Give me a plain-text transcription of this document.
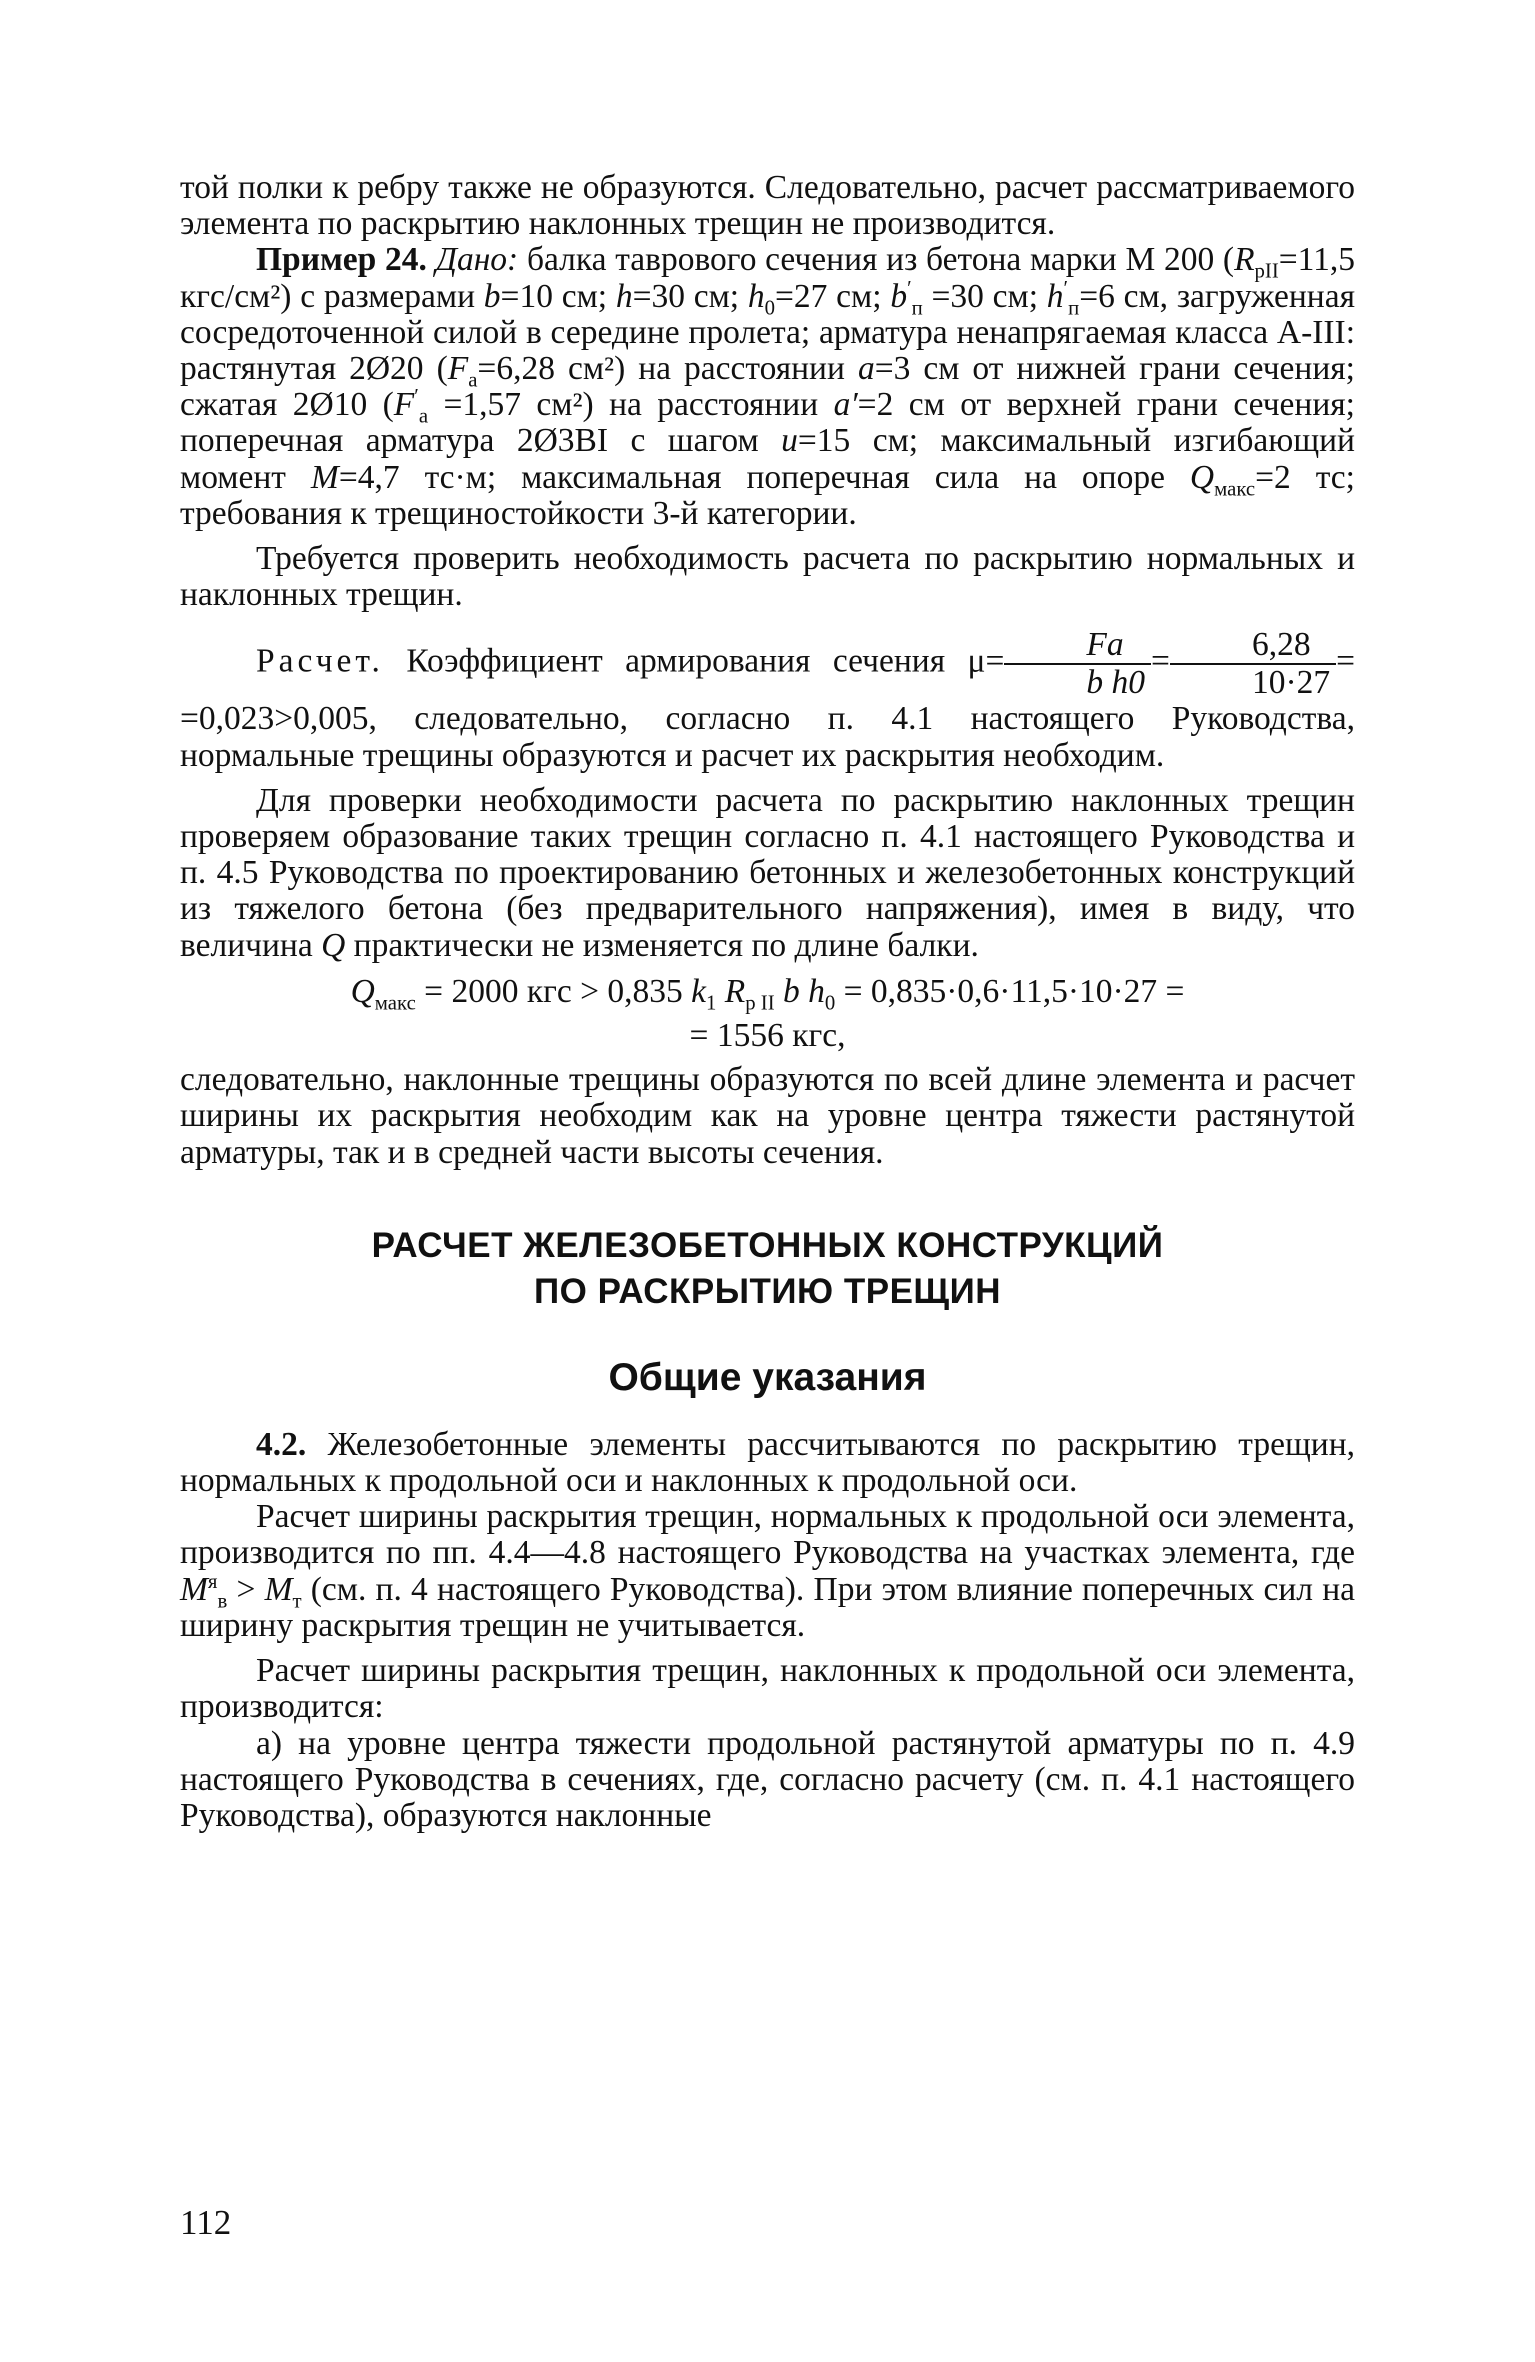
той полки к ребру также не образуются. Следовательно, расчет рассматриваемого элемента по раскрытию наклонных трещин не производится.

Пример 24. Дано: балка таврового сечения из бетона марки М 200 ($R_{рII}=11,5$ кгс/см²) с размерами b=10 см; h=30 см; $h_0=27$ см; $b'_п =30$ см; $h'_п=6$ см, загруженная сосредоточенной силой в середине пролета; арматура ненапрягаемая класса А-III: растянутая 2Ø20 ($F_а=6,28$ см²) на расстоянии a=3 см от нижней грани сечения; сжатая 2Ø10 ($F'_а =1,57$ см²) на расстоянии a′=2 см от верхней грани сечения; поперечная арматура 2Ø3ВI с шагом u=15 см; максимальный изгибающий момент M=4,7 тс·м; максимальная поперечная сила на опоре $Q_{макс}=2$ тс; требования к трещиностойкости 3-й категории.

Требуется проверить необходимость расчета по раскрытию нормальных и наклонных трещин.

Расчет. Коэффициент армирования сечения $\mu= \frac{Fa}{\text{b h0}} = \frac{6,28}{10\cdot 27} = =0,023>0,005$, следовательно, согласно п. 4.1 настоящего Руководства, нормальные трещины образуются и расчет их раскрытия необходим.

Для проверки необходимости расчета по раскрытию наклонных трещин проверяем образование таких трещин согласно п. 4.1 настоящего Руководства и п. 4.5 Руководства по проектированию бетонных и железобетонных конструкций из тяжелого бетона (без предварительного напряжения), имея в виду, что величина Q практически не изменяется по длине балки.

$Q_{макс} = 2000$ кгс > 0,835 $k_1$ $R_{р II}$ b $h_0 = 0,835\cdot 0,6\cdot 11,5\cdot 10\cdot 27$ =
= 1556 кгс,

следовательно, наклонные трещины образуются по всей длине элемента и расчет ширины их раскрытия необходим как на уровне центра тяжести растянутой арматуры, так и в средней части высоты сечения.

РАСЧЕТ ЖЕЛЕЗОБЕТОННЫХ КОНСТРУКЦИЙ
ПО РАСКРЫТИЮ ТРЕЩИН
Общие указания

4.2. Железобетонные элементы рассчитываются по раскрытию трещин, нормальных к продольной оси и наклонных к продольной оси.

Расчет ширины раскрытия трещин, нормальных к продольной оси элемента, производится по пп. 4.4—4.8 настоящего Руководства на участках элемента, где $M^я_в > M_т$ (см. п. 4 настоящего Руководства). При этом влияние поперечных сил на ширину раскрытия трещин не учитывается.

Расчет ширины раскрытия трещин, наклонных к продольной оси элемента, производится:

а) на уровне центра тяжести продольной растянутой арматуры по п. 4.9 настоящего Руководства в сечениях, где, согласно расчету (см. п. 4.1 настоящего Руководства), образуются наклонные

112
